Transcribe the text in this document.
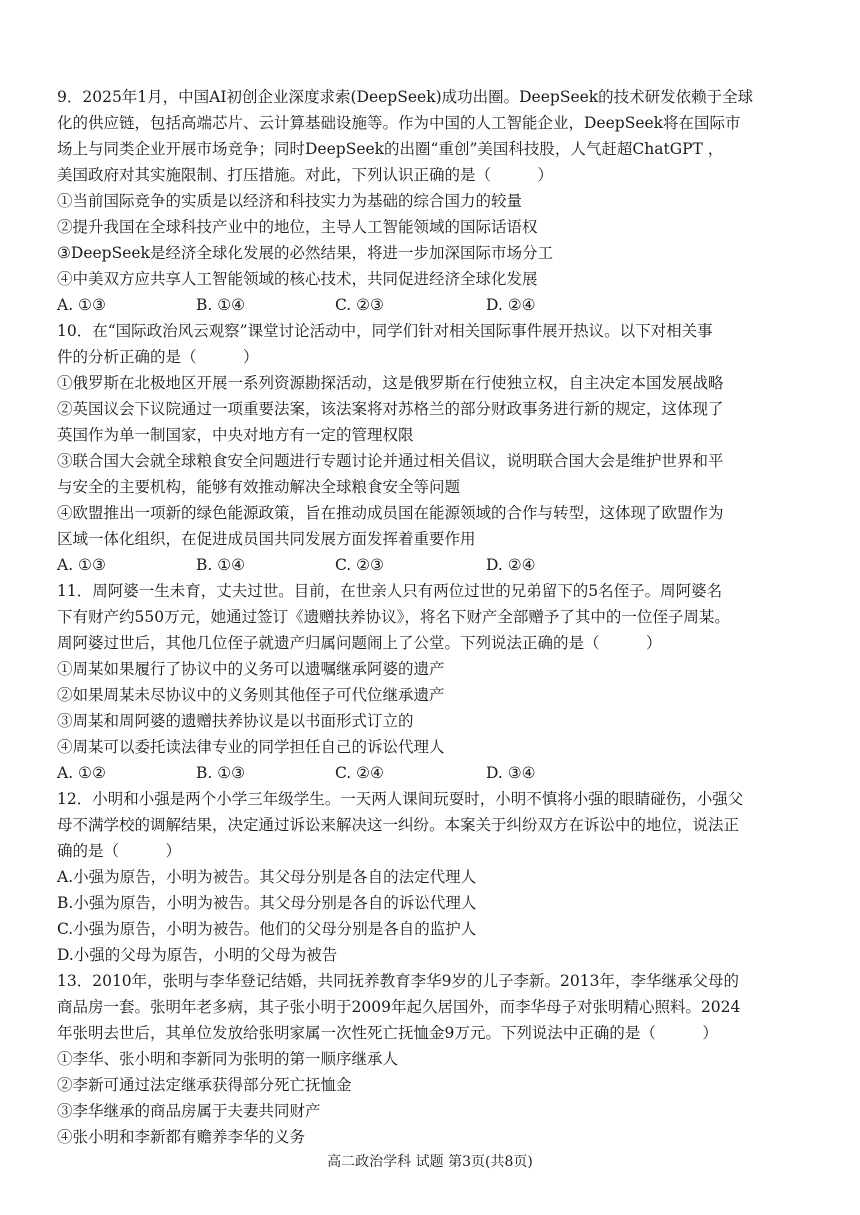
9．2025年1月，中国AI初创企业深度求索(DeepSeek)成功出圈。DeepSeek的技术研发依赖于全球
化的供应链，包括高端芯片、云计算基础设施等。作为中国的人工智能企业，DeepSeek将在国际市
场上与同类企业开展市场竞争；同时DeepSeek的出圈“重创”美国科技股，人气赶超ChatGPT ，
美国政府对其实施限制、打压措施。对此，下列认识正确的是（　　　）
①当前国际竞争的实质是以经济和科技实力为基础的综合国力的较量
②提升我国在全球科技产业中的地位，主导人工智能领域的国际话语权
③DeepSeek是经济全球化发展的必然结果，将进一步加深国际市场分工
④中美双方应共享人工智能领域的核心技术，共同促进经济全球化发展
A. ①③	B. ①④	C. ②③	D. ②④
10．在“国际政治风云观察”课堂讨论活动中，同学们针对相关国际事件展开热议。以下对相关事
件的分析正确的是（　　　）
①俄罗斯在北极地区开展一系列资源勘探活动，这是俄罗斯在行使独立权，自主决定本国发展战略
②英国议会下议院通过一项重要法案，该法案将对苏格兰的部分财政事务进行新的规定，这体现了
英国作为单一制国家，中央对地方有一定的管理权限
③联合国大会就全球粮食安全问题进行专题讨论并通过相关倡议，说明联合国大会是维护世界和平
与安全的主要机构，能够有效推动解决全球粮食安全等问题
④欧盟推出一项新的绿色能源政策，旨在推动成员国在能源领域的合作与转型，这体现了欧盟作为
区域一体化组织，在促进成员国共同发展方面发挥着重要作用
A. ①③	B. ①④	C. ②③	D. ②④
11．周阿婆一生未育，丈夫过世。目前，在世亲人只有两位过世的兄弟留下的5名侄子。周阿婆名
下有财产约550万元，她通过签订《遗赠扶养协议》，将名下财产全部赠予了其中的一位侄子周某。
周阿婆过世后，其他几位侄子就遗产归属问题闹上了公堂。下列说法正确的是（　　　）
①周某如果履行了协议中的义务可以遗嘱继承阿婆的遗产
②如果周某未尽协议中的义务则其他侄子可代位继承遗产
③周某和周阿婆的遗赠扶养协议是以书面形式订立的
④周某可以委托读法律专业的同学担任自己的诉讼代理人
A. ①②	B. ①③	C. ②④	D. ③④
12．小明和小强是两个小学三年级学生。一天两人课间玩耍时，小明不慎将小强的眼睛碰伤，小强父
母不满学校的调解结果，决定通过诉讼来解决这一纠纷。本案关于纠纷双方在诉讼中的地位，说法正
确的是（　　　）
A.小强为原告，小明为被告。其父母分别是各自的法定代理人
B.小强为原告，小明为被告。其父母分别是各自的诉讼代理人
C.小强为原告，小明为被告。他们的父母分别是各自的监护人
D.小强的父母为原告，小明的父母为被告
13．2010年，张明与李华登记结婚，共同抚养教育李华9岁的儿子李新。2013年，李华继承父母的
商品房一套。张明年老多病，其子张小明于2009年起久居国外，而李华母子对张明精心照料。2024
年张明去世后，其单位发放给张明家属一次性死亡抚恤金9万元。下列说法中正确的是（　　　）
①李华、张小明和李新同为张明的第一顺序继承人
②李新可通过法定继承获得部分死亡抚恤金
③李华继承的商品房属于夫妻共同财产
④张小明和李新都有赡养李华的义务
高二政治学科 试题 第3页(共8页)
